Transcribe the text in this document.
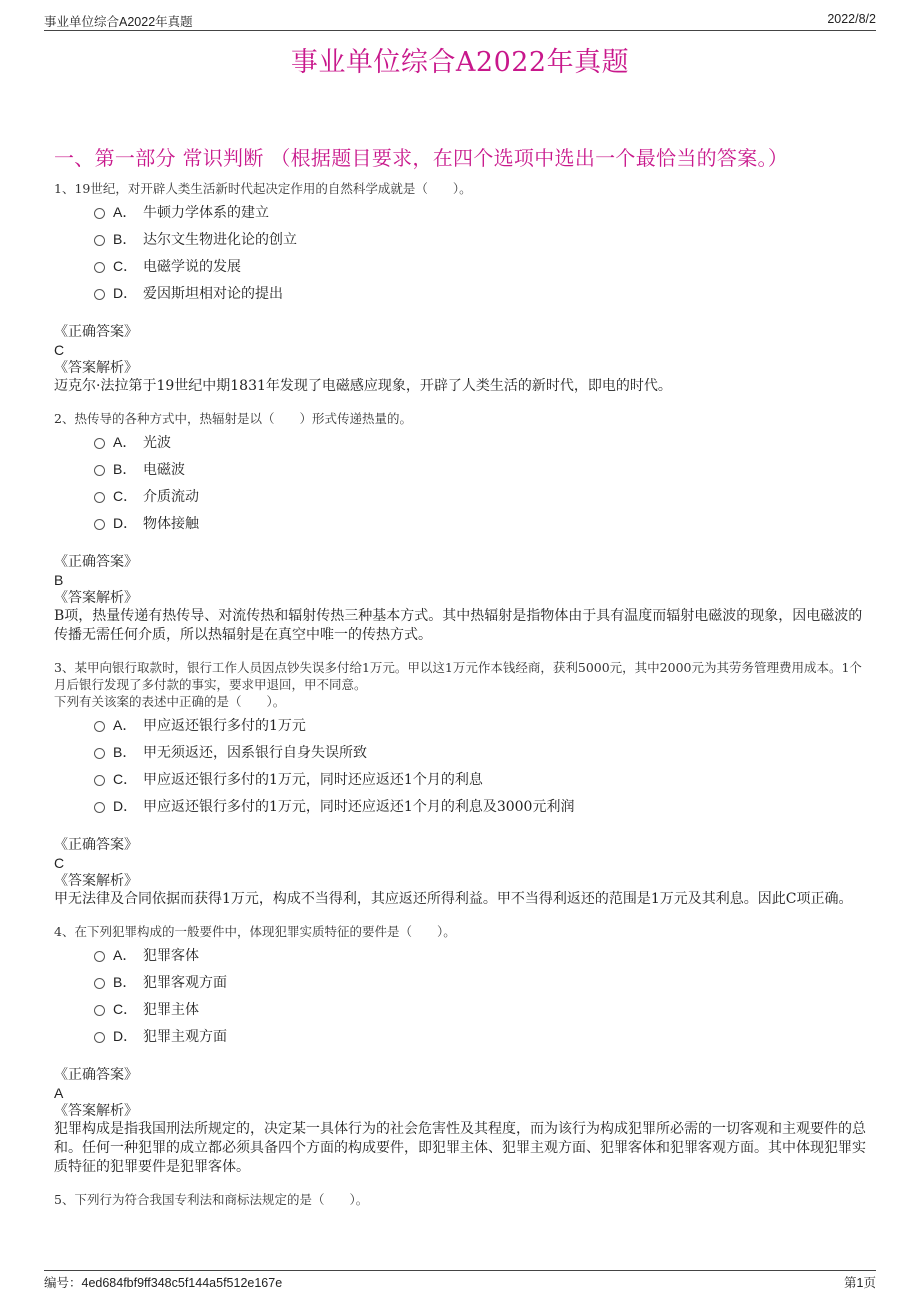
事业单位综合A2022年真题	2022/8/2
事业单位综合A2022年真题
一、第一部分 常识判断 （根据题目要求，在四个选项中选出一个最恰当的答案。）
1、19世纪，对开辟人类生活新时代起决定作用的自然科学成就是（　　）。
A． 牛顿力学体系的建立
B． 达尔文生物进化论的创立
C． 电磁学说的发展
D． 爱因斯坦相对论的提出
《正确答案》
C
《答案解析》
迈克尔·法拉第于19世纪中期1831年发现了电磁感应现象，开辟了人类生活的新时代，即电的时代。
2、热传导的各种方式中，热辐射是以（　　）形式传递热量的。
A． 光波
B． 电磁波
C． 介质流动
D． 物体接触
《正确答案》
B
《答案解析》
B项，热量传递有热传导、对流传热和辐射传热三种基本方式。其中热辐射是指物体由于具有温度而辐射电磁波的现象，因电磁波的传播无需任何介质，所以热辐射是在真空中唯一的传热方式。
3、某甲向银行取款时，银行工作人员因点钞失误多付给1万元。甲以这1万元作本钱经商，获利5000元，其中2000元为其劳务管理费用成本。1个月后银行发现了多付款的事实，要求甲退回，甲不同意。
下列有关该案的表述中正确的是（　　）。
A． 甲应返还银行多付的1万元
B． 甲无须返还，因系银行自身失误所致
C． 甲应返还银行多付的1万元，同时还应返还1个月的利息
D． 甲应返还银行多付的1万元，同时还应返还1个月的利息及3000元利润
《正确答案》
C
《答案解析》
甲无法律及合同依据而获得1万元，构成不当得利，其应返还所得利益。甲不当得利返还的范围是1万元及其利息。因此C项正确。
4、在下列犯罪构成的一般要件中，体现犯罪实质特征的要件是（　　）。
A． 犯罪客体
B． 犯罪客观方面
C． 犯罪主体
D． 犯罪主观方面
《正确答案》
A
《答案解析》
犯罪构成是指我国刑法所规定的，决定某一具体行为的社会危害性及其程度，而为该行为构成犯罪所必需的一切客观和主观要件的总和。任何一种犯罪的成立都必须具备四个方面的构成要件，即犯罪主体、犯罪主观方面、犯罪客体和犯罪客观方面。其中体现犯罪实质特征的犯罪要件是犯罪客体。
5、下列行为符合我国专利法和商标法规定的是（　　）。
编号：4ed684fbf9ff348c5f144a5f512e167e	第1页
